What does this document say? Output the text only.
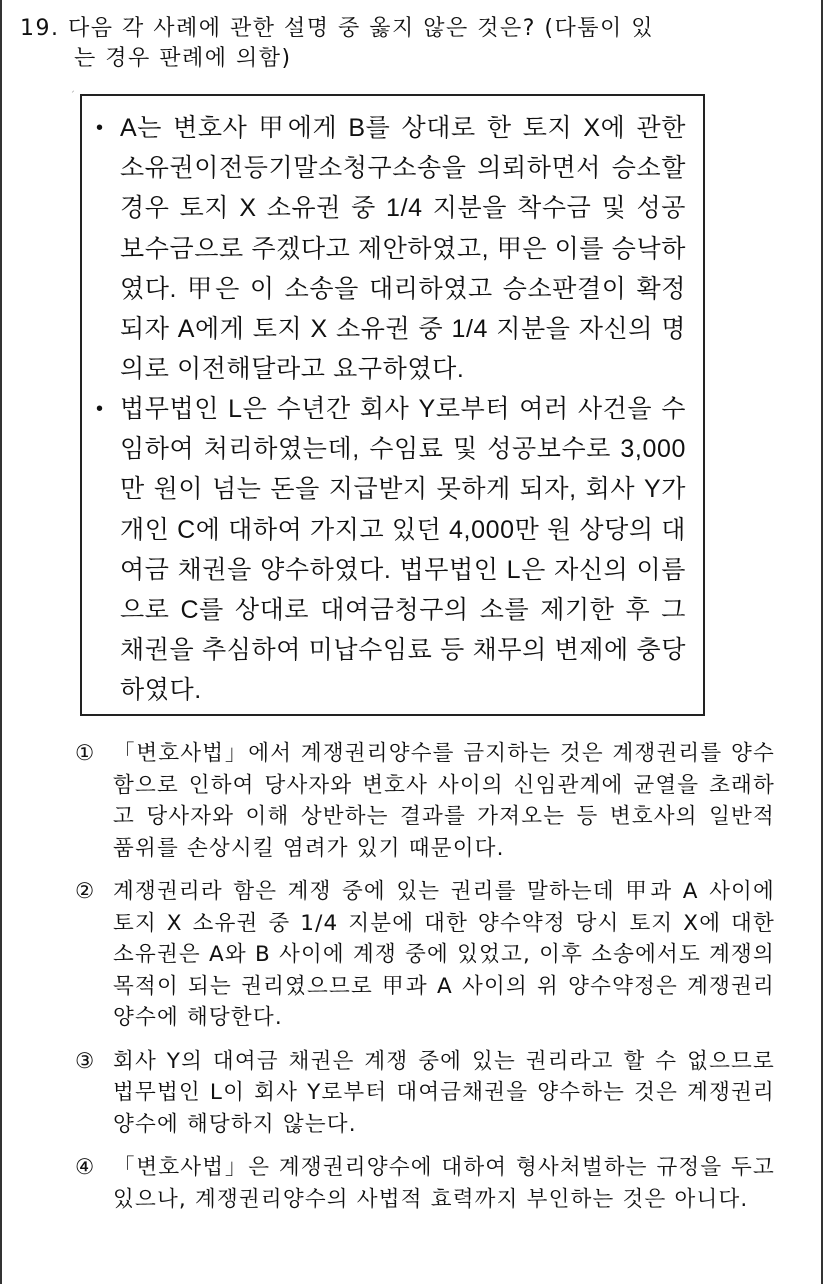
19. 다음 각 사례에 관한 설명 중 옳지 않은 것은? (다툼이 있
는 경우 판례에 의함)
ˏ
• A는 변호사 甲에게 B를 상대로 한 토지 X에 관한 소유권이전등기말소청구소송을 의뢰하면서 승소할 경우 토지 X 소유권 중 1/4 지분을 착수금 및 성공보수금으로 주겠다고 제안하였고, 甲은 이를 승낙하였다. 甲은 이 소송을 대리하였고 승소판결이 확정되자 A에게 토지 X 소유권 중 1/4 지분을 자신의 명의로 이전해달라고 요구하였다.
• 법무법인 L은 수년간 회사 Y로부터 여러 사건을 수임하여 처리하였는데, 수임료 및 성공보수로 3,000만 원이 넘는 돈을 지급받지 못하게 되자, 회사 Y가 개인 C에 대하여 가지고 있던 4,000만 원 상당의 대여금 채권을 양수하였다. 법무법인 L은 자신의 이름으로 C를 상대로 대여금청구의 소를 제기한 후 그 채권을 추심하여 미납수임료 등 채무의 변제에 충당하였다.
① 「변호사법」에서 계쟁권리양수를 금지하는 것은 계쟁권리를 양수함으로 인하여 당사자와 변호사 사이의 신임관계에 균열을 초래하고 당사자와 이해 상반하는 결과를 가져오는 등 변호사의 일반적 품위를 손상시킬 염려가 있기 때문이다.
② 계쟁권리라 함은 계쟁 중에 있는 권리를 말하는데 甲과 A 사이에 토지 X 소유권 중 1/4 지분에 대한 양수약정 당시 토지 X에 대한 소유권은 A와 B 사이에 계쟁 중에 있었고, 이후 소송에서도 계쟁의 목적이 되는 권리였으므로 甲과 A 사이의 위 양수약정은 계쟁권리양수에 해당한다.
③ 회사 Y의 대여금 채권은 계쟁 중에 있는 권리라고 할 수 없으므로 법무법인 L이 회사 Y로부터 대여금채권을 양수하는 것은 계쟁권리양수에 해당하지 않는다.
④ 「변호사법」은 계쟁권리양수에 대하여 형사처벌하는 규정을 두고 있으나, 계쟁권리양수의 사법적 효력까지 부인하는 것은 아니다.
